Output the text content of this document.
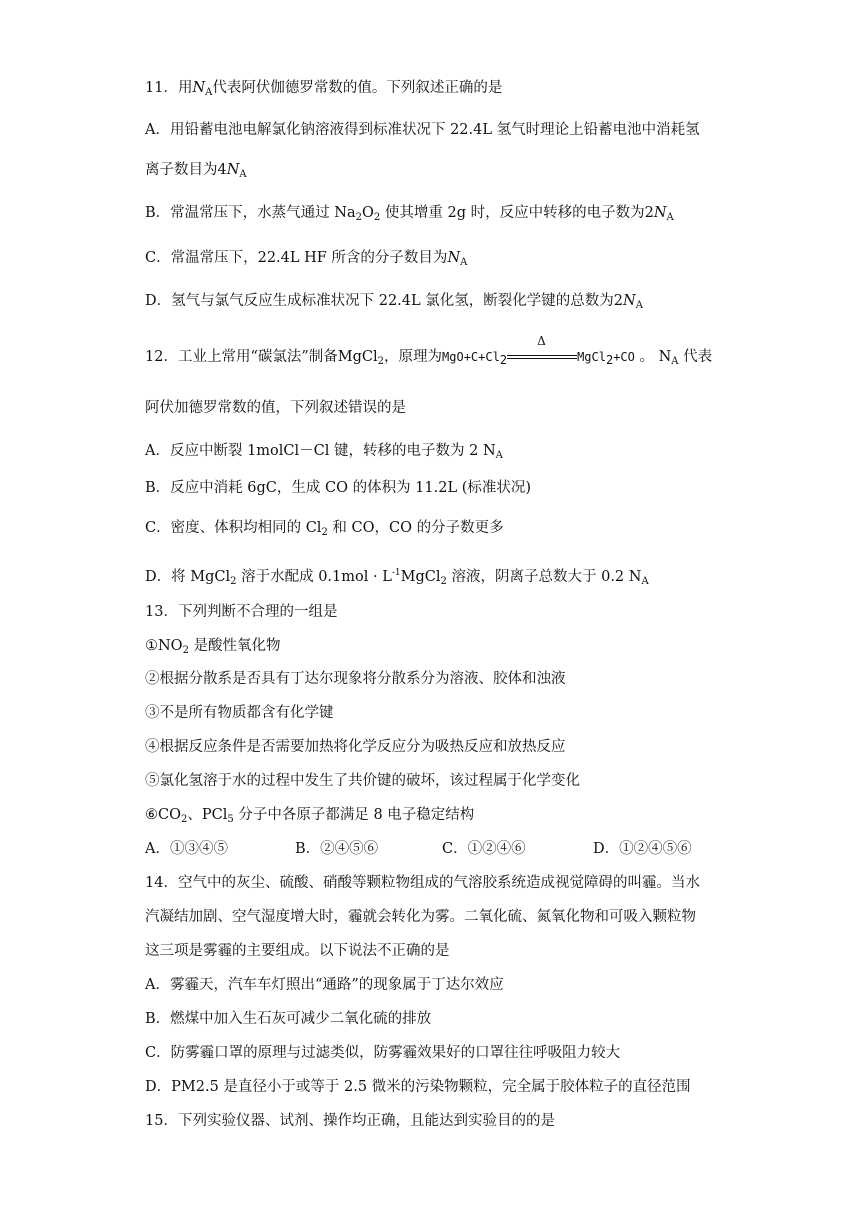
11．用$N_A$代表阿伏伽德罗常数的值。下列叙述正确的是
A．用铅蓄电池电解氯化钠溶液得到标准状况下 22.4L 氢气时理论上铅蓄电池中消耗氢
离子数目为$4N_A$
B．常温常压下，水蒸气通过 $Na_2O_2$ 使其增重 2g 时，反应中转移的电子数为$2N_A$
C．常温常压下，22.4L HF 所含的分子数目为$N_A$
D．氢气与氯气反应生成标准状况下 22.4L 氯化氢，断裂化学键的总数为$2N_A$
12．工业上常用“碳氯法”制备MgCl$_2$，原理为$MgO+C+Cl_2$
Δ
MgCl$_2$+CO 。 $N_A$ 代表
阿伏加德罗常数的值，下列叙述错误的是
A．反应中断裂 1molCl－Cl 键，转移的电子数为 2 $N_A$
B．反应中消耗 6gC，生成 CO 的体积为 11.2L (标准状况)
C．密度、体积均相同的 $Cl_2$ 和 CO，CO 的分子数更多
D．将 MgCl$_2$ 溶于水配成 $0.1mol \cdot L^{-1}MgCl_2$ 溶液，阴离子总数大于 0.2 $N_A$
13．下列判断不合理的一组是
$①NO_2$ 是酸性氧化物
②根据分散系是否具有丁达尔现象将分散系分为溶液、胶体和浊液
③不是所有物质都含有化学键
④根据反应条件是否需要加热将化学反应分为吸热反应和放热反应
⑤氯化氢溶于水的过程中发生了共价键的破坏，该过程属于化学变化
$⑥CO_2$、PCl$_5$ 分子中各原子都满足 8 电子稳定结构
A．①③④⑤	B．②④⑤⑥	C．①②④⑥	D．①②④⑤⑥
14．空气中的灰尘、硫酸、硝酸等颗粒物组成的气溶胶系统造成视觉障碍的叫霾。当水
汽凝结加剧、空气湿度增大时，霾就会转化为雾。二氧化硫、氮氧化物和可吸入颗粒物
这三项是雾霾的主要组成。以下说法不正确的是
A．雾霾天，汽车车灯照出“通路”的现象属于丁达尔效应
B．燃煤中加入生石灰可减少二氧化硫的排放
C．防雾霾口罩的原理与过滤类似，防雾霾效果好的口罩往往呼吸阻力较大
D．PM2.5 是直径小于或等于 2.5 微米的污染物颗粒，完全属于胶体粒子的直径范围
15．下列实验仪器、试剂、操作均正确，且能达到实验目的的是
